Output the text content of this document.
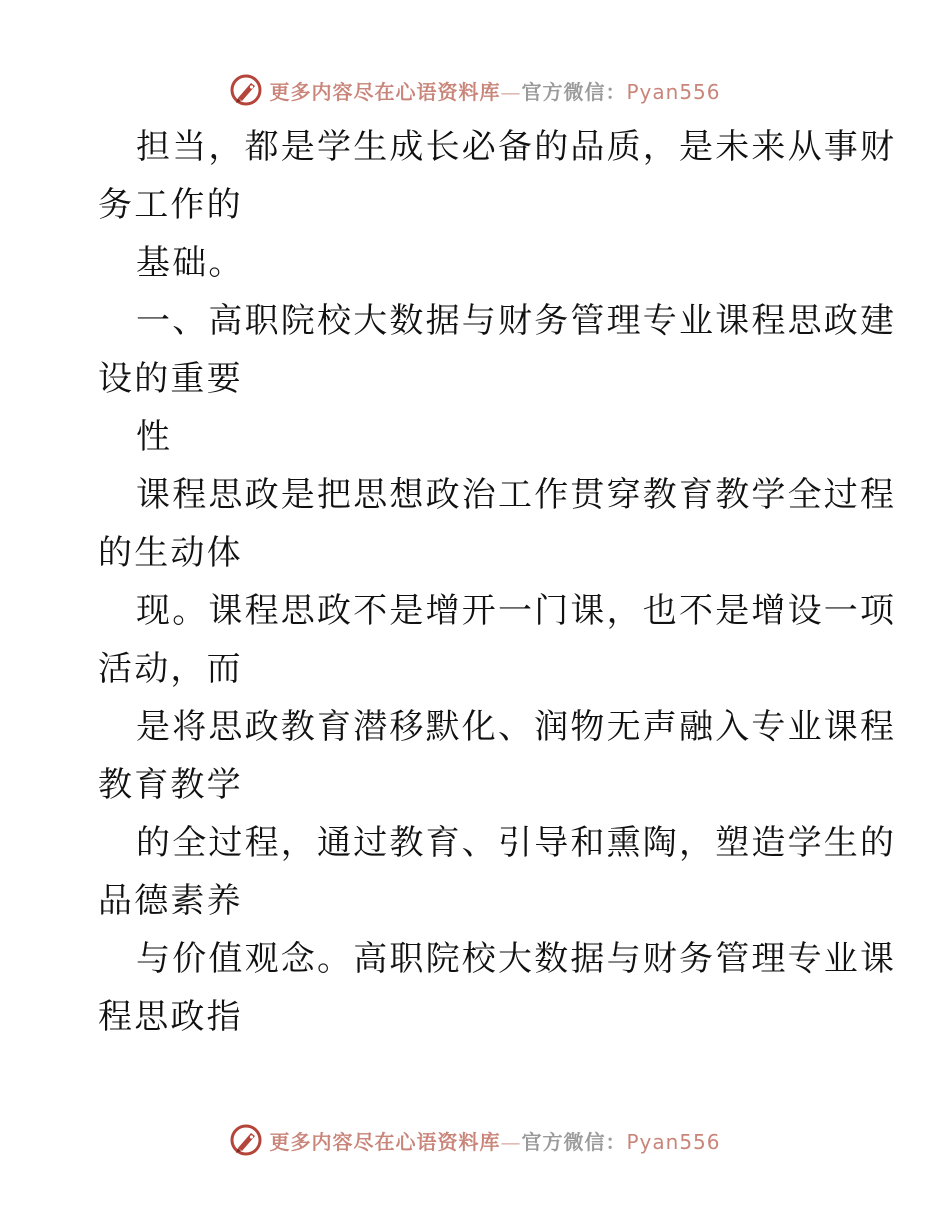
更多内容尽在心语资料库—官方微信：Pyan556
担当，都是学生成长必备的品质，是未来从事财
务工作的
基础。
一、高职院校大数据与财务管理专业课程思政建
设的重要
性
课程思政是把思想政治工作贯穿教育教学全过程
的生动体
现。课程思政不是增开一门课，也不是增设一项
活动，而
是将思政教育潜移默化、润物无声融入专业课程
教育教学
的全过程，通过教育、引导和熏陶，塑造学生的
品德素养
与价值观念。高职院校大数据与财务管理专业课
程思政指
更多内容尽在心语资料库—官方微信：Pyan556
